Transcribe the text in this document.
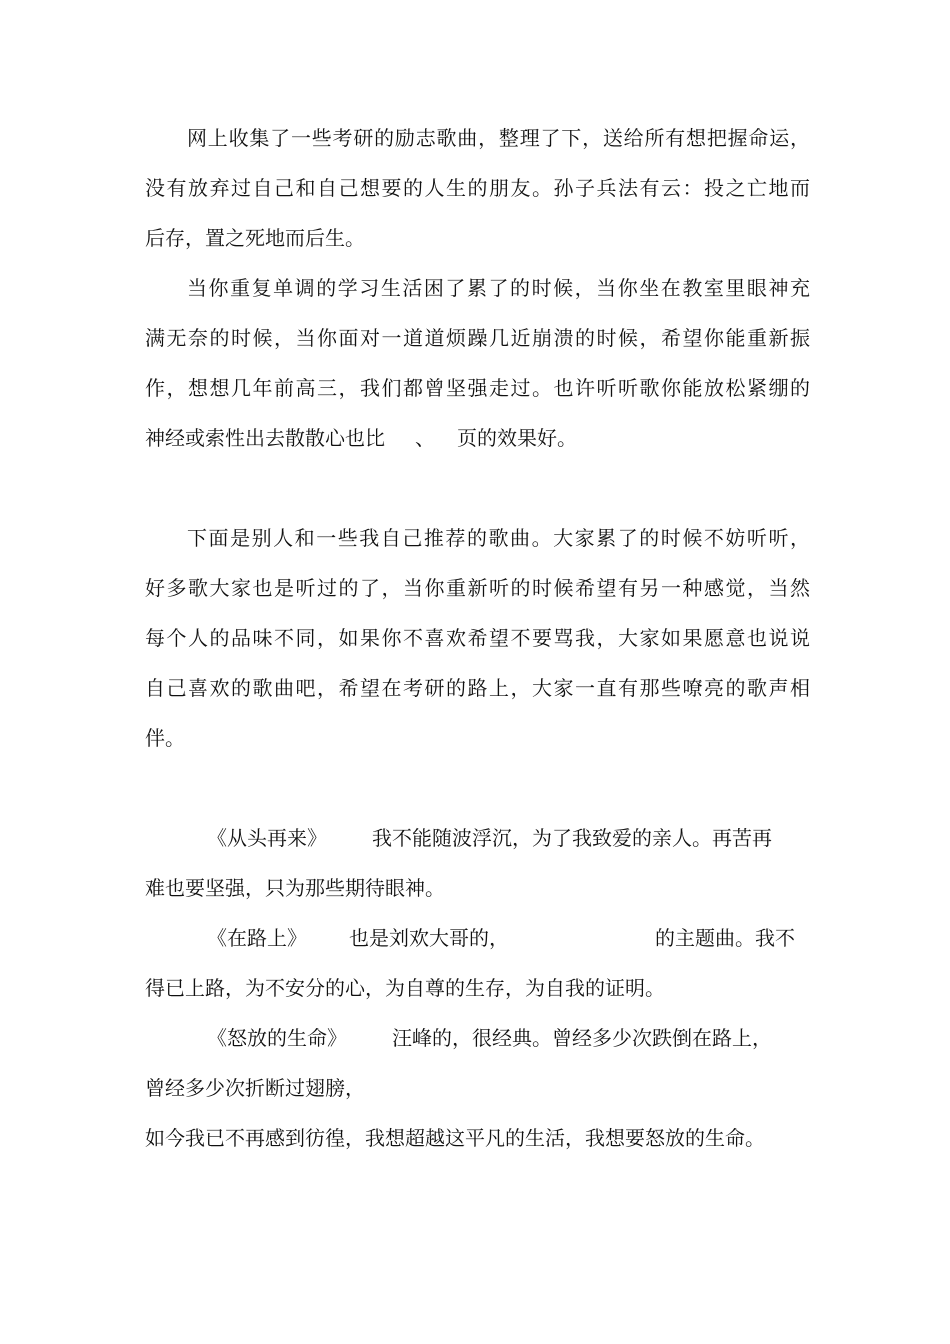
网上收集了一些考研的励志歌曲，整理了下，送给所有想把握命运，
没有放弃过自己和自己想要的人生的朋友。孙子兵法有云：投之亡地而
后存，置之死地而后生。
当你重复单调的学习生活困了累了的时候，当你坐在教室里眼神充
满无奈的时候，当你面对一道道烦躁几近崩溃的时候，希望你能重新振
作，想想几年前高三，我们都曾坚强走过。也许听听歌你能放松紧绷的
神经或索性出去散散心也比 、 页的效果好。
下面是别人和一些我自己推荐的歌曲。大家累了的时候不妨听听，
好多歌大家也是听过的了，当你重新听的时候希望有另一种感觉，当然
每个人的品味不同，如果你不喜欢希望不要骂我，大家如果愿意也说说
自己喜欢的歌曲吧，希望在考研的路上，大家一直有那些嘹亮的歌声相
伴。
《从头再来》 我不能随波浮沉，为了我致爱的亲人。再苦再
难也要坚强，只为那些期待眼神。
《在路上》 也是刘欢大哥的，	的主题曲。我不
得已上路，为不安分的心，为自尊的生存，为自我的证明。
《怒放的生命》 汪峰的，很经典。曾经多少次跌倒在路上，
曾经多少次折断过翅膀，
如今我已不再感到彷徨，我想超越这平凡的生活，我想要怒放的生命。
